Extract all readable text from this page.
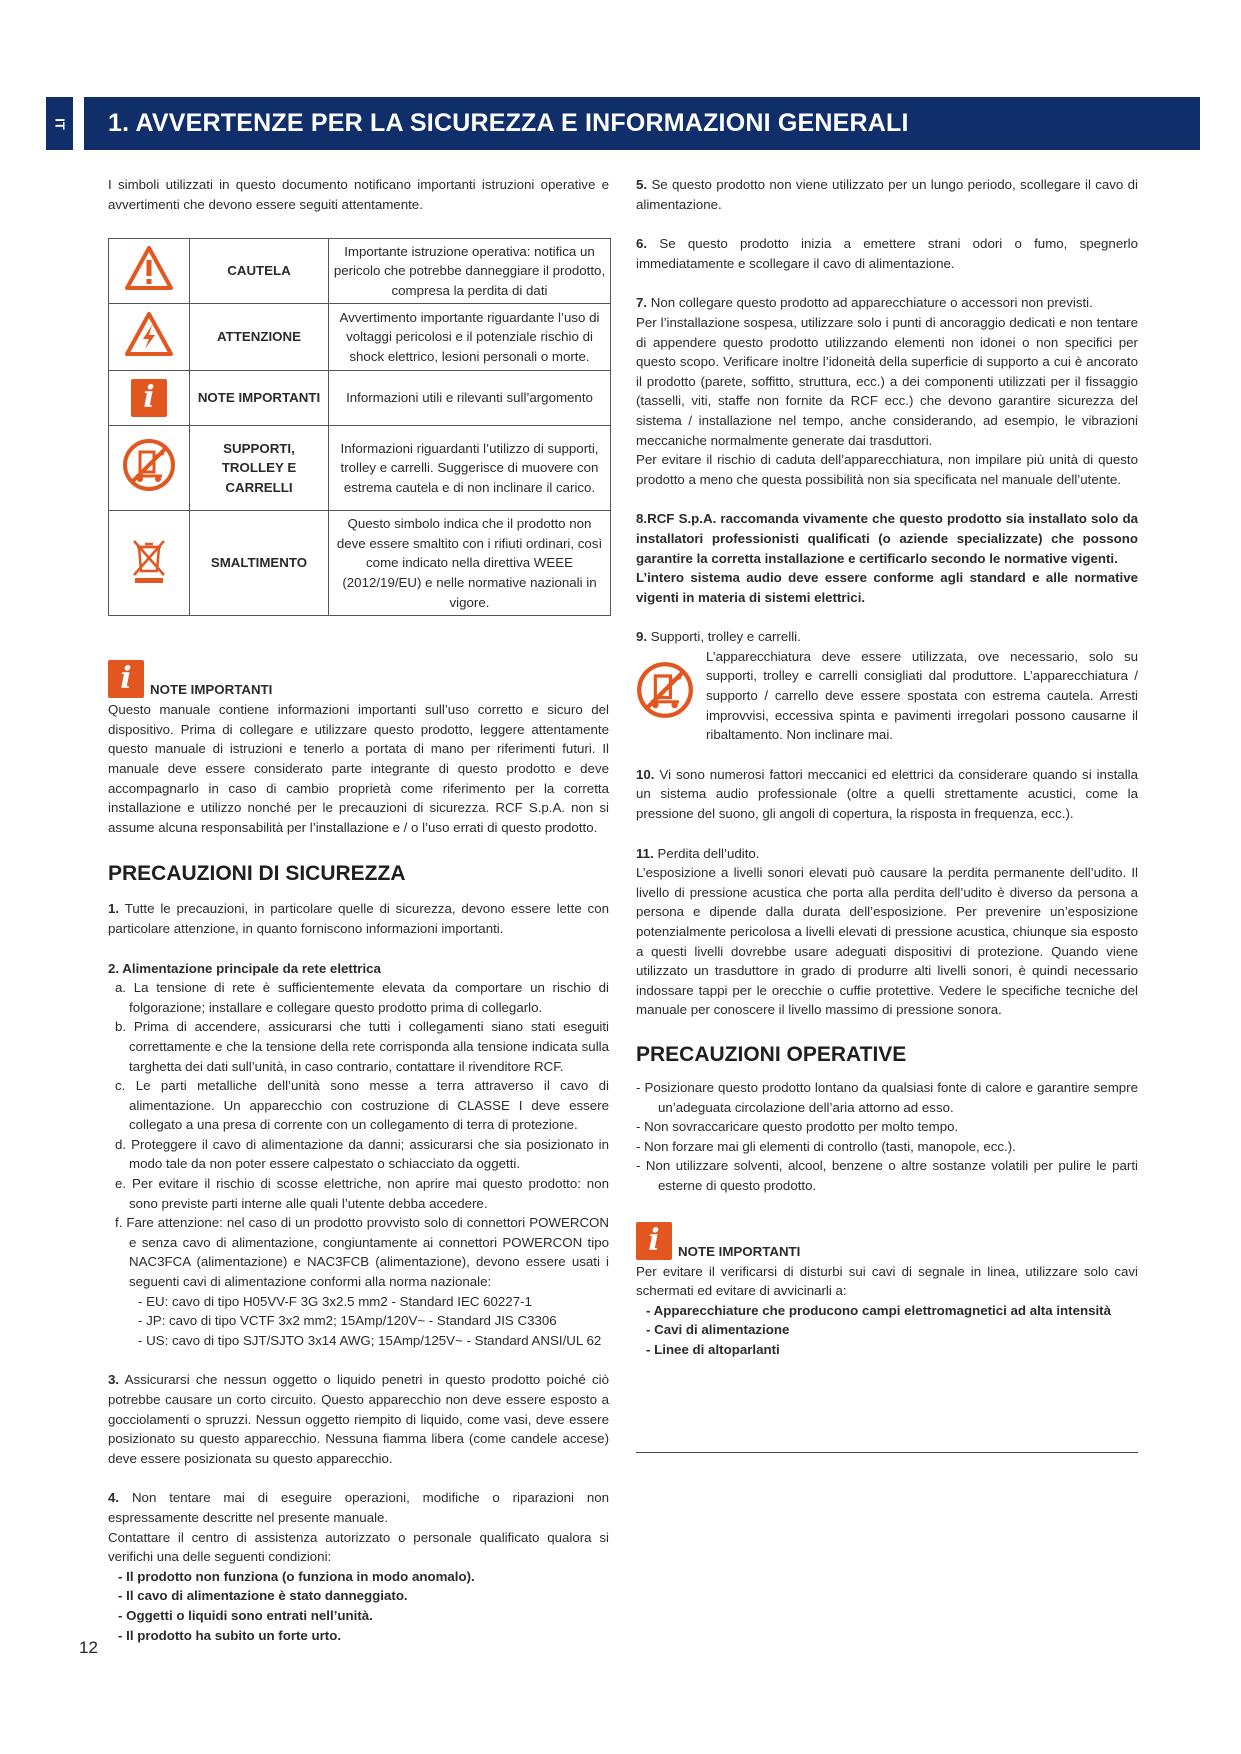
IT 1. AVVERTENZE PER LA SICUREZZA E INFORMAZIONI GENERALI

I simboli utilizzati in questo documento notificano importanti istruzioni operative e avvertimenti che devono essere seguiti attentamente.

	CAUTELA	Importante istruzione operativa: notifica un pericolo che potrebbe danneggiare il prodotto, compresa la perdita di dati
	ATTENZIONE	Avvertimento importante riguardante l’uso di voltaggi pericolosi e il potenziale rischio di shock elettrico, lesioni personali o morte.
i	NOTE IMPORTANTI	Informazioni utili e rilevanti sull’argomento
	SUPPORTI, TROLLEY E CARRELLI	Informazioni riguardanti l’utilizzo di supporti, trolley e carrelli. Suggerisce di muovere con estrema cautela e di non inclinare il carico.
	SMALTIMENTO	Questo simbolo indica che il prodotto non deve essere smaltito con i rifiuti ordinari, così come indicato nella direttiva WEEE (2012/19/EU) e nelle normative nazionali in vigore.
i	NOTE IMPORTANTI

Questo manuale contiene informazioni importanti sull’uso corretto e sicuro del dispositivo. Prima di collegare e utilizzare questo prodotto, leggere attentamente questo manuale di istruzioni e tenerlo a portata di mano per riferimenti futuri. Il manuale deve essere considerato parte integrante di questo prodotto e deve accompagnarlo in caso di cambio proprietà come riferimento per la corretta installazione e utilizzo nonché per le precauzioni di sicurezza. RCF S.p.A. non si assume alcuna responsabilità per l’installazione e / o l’uso errati di questo prodotto.

PRECAUZIONI DI SICUREZZA

1. Tutte le precauzioni, in particolare quelle di sicurezza, devono essere lette con particolare attenzione, in quanto forniscono informazioni importanti.

2. Alimentazione principale da rete elettrica

a. La tensione di rete è sufficientemente elevata da comportare un rischio di folgorazione; installare e collegare questo prodotto prima di collegarlo.

b. Prima di accendere, assicurarsi che tutti i collegamenti siano stati eseguiti correttamente e che la tensione della rete corrisponda alla tensione indicata sulla targhetta dei dati sull’unità, in caso contrario, contattare il rivenditore RCF.

c. Le parti metalliche dell’unità sono messe a terra attraverso il cavo di alimentazione. Un apparecchio con costruzione di CLASSE I deve essere collegato a una presa di corrente con un collegamento di terra di protezione.

d. Proteggere il cavo di alimentazione da danni; assicurarsi che sia posizionato in modo tale da non poter essere calpestato o schiacciato da oggetti.

e. Per evitare il rischio di scosse elettriche, non aprire mai questo prodotto: non sono previste parti interne alle quali l’utente debba accedere.

f. Fare attenzione: nel caso di un prodotto provvisto solo di connettori POWERCON e senza cavo di alimentazione, congiuntamente ai connettori POWERCON tipo NAC3FCA (alimentazione) e NAC3FCB (alimentazione), devono essere usati i seguenti cavi di alimentazione conformi alla norma nazionale:

- EU: cavo di tipo H05VV-F 3G 3x2.5 mm2 - Standard IEC 60227-1

- JP: cavo di tipo VCTF 3x2 mm2; 15Amp/120V~ - Standard JIS C3306

- US: cavo di tipo SJT/SJTO 3x14 AWG; 15Amp/125V~ - Standard ANSI/UL 62

3. Assicurarsi che nessun oggetto o liquido penetri in questo prodotto poiché ciò potrebbe causare un corto circuito. Questo apparecchio non deve essere esposto a gocciolamenti o spruzzi. Nessun oggetto riempito di liquido, come vasi, deve essere posizionato su questo apparecchio. Nessuna fiamma libera (come candele accese) deve essere posizionata su questo apparecchio.

4. Non tentare mai di eseguire operazioni, modifiche o riparazioni non espressamente descritte nel presente manuale.

Contattare il centro di assistenza autorizzato o personale qualificato qualora si verifichi una delle seguenti condizioni:

- Il prodotto non funziona (o funziona in modo anomalo).

- Il cavo di alimentazione è stato danneggiato.

- Oggetti o liquidi sono entrati nell’unità.

- Il prodotto ha subito un forte urto.

5. Se questo prodotto non viene utilizzato per un lungo periodo, scollegare il cavo di alimentazione.

6. Se questo prodotto inizia a emettere strani odori o fumo, spegnerlo immediatamente e scollegare il cavo di alimentazione.

7. Non collegare questo prodotto ad apparecchiature o accessori non previsti.

Per l’installazione sospesa, utilizzare solo i punti di ancoraggio dedicati e non tentare di appendere questo prodotto utilizzando elementi non idonei o non specifici per questo scopo. Verificare inoltre l’idoneità della superficie di supporto a cui è ancorato il prodotto (parete, soffitto, struttura, ecc.) a dei componenti utilizzati per il fissaggio (tasselli, viti, staffe non fornite da RCF ecc.) che devono garantire sicurezza del sistema / installazione nel tempo, anche considerando, ad esempio, le vibrazioni meccaniche normalmente generate dai trasduttori.

Per evitare il rischio di caduta dell’apparecchiatura, non impilare più unità di questo prodotto a meno che questa possibilità non sia specificata nel manuale dell’utente.

8.RCF S.p.A. raccomanda vivamente che questo prodotto sia installato solo da installatori professionisti qualificati (o aziende specializzate) che possono garantire la corretta installazione e certificarlo secondo le normative vigenti.

L’intero sistema audio deve essere conforme agli standard e alle normative vigenti in materia di sistemi elettrici.

9. Supporti, trolley e carrelli.

L’apparecchiatura deve essere utilizzata, ove necessario, solo su supporti, trolley e carrelli consigliati dal produttore. L’apparecchiatura / supporto / carrello deve essere spostata con estrema cautela. Arresti improvvisi, eccessiva spinta e pavimenti irregolari possono causarne il ribaltamento. Non inclinare mai.

10. Vi sono numerosi fattori meccanici ed elettrici da considerare quando si installa un sistema audio professionale (oltre a quelli strettamente acustici, come la pressione del suono, gli angoli di copertura, la risposta in frequenza, ecc.).

11. Perdita dell’udito.

L’esposizione a livelli sonori elevati può causare la perdita permanente dell’udito. Il livello di pressione acustica che porta alla perdita dell’udito è diverso da persona a persona e dipende dalla durata dell’esposizione. Per prevenire un’esposizione potenzialmente pericolosa a livelli elevati di pressione acustica, chiunque sia esposto a questi livelli dovrebbe usare adeguati dispositivi di protezione. Quando viene utilizzato un trasduttore in grado di produrre alti livelli sonori, è quindi necessario indossare tappi per le orecchie o cuffie protettive. Vedere le specifiche tecniche del manuale per conoscere il livello massimo di pressione sonora.

PRECAUZIONI OPERATIVE

- Posizionare questo prodotto lontano da qualsiasi fonte di calore e garantire sempre un’adeguata circolazione dell’aria attorno ad esso.

- Non sovraccaricare questo prodotto per molto tempo.

- Non forzare mai gli elementi di controllo (tasti, manopole, ecc.).

- Non utilizzare solventi, alcool, benzene o altre sostanze volatili per pulire le parti esterne di questo prodotto.

i	NOTE IMPORTANTI

Per evitare il verificarsi di disturbi sui cavi di segnale in linea, utilizzare solo cavi schermati ed evitare di avvicinarli a:

- Apparecchiature che producono campi elettromagnetici ad alta intensità

- Cavi di alimentazione

- Linee di altoparlanti

12
